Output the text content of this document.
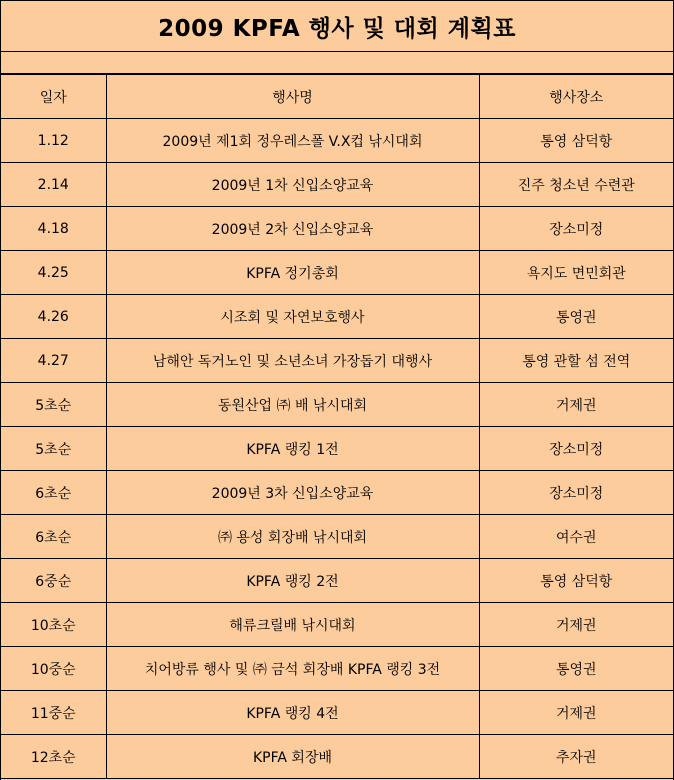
2009 KPFA 행사 및 대회 계획표
일자	행사명	행사장소
1.12	2009년 제1회 정우레스폴 V.X컵 낚시대회	통영 삼덕항
2.14	2009년 1차 신입소양교육	진주 청소년 수련관
4.18	2009년 2차 신입소양교육	장소미정
4.25	KPFA 정기총회	욕지도 면민회관
4.26	시조회 및 자연보호행사	통영권
4.27	남해안 독거노인 및 소년소녀 가장돕기 대행사	통영 관할 섬 전역
5초순	동원산업 ㈜ 배 낚시대회	거제권
5초순	KPFA 랭킹 1전	장소미정
6초순	2009년 3차 신입소양교육	장소미정
6초순	㈜ 용성 회장배 낚시대회	여수권
6중순	KPFA 랭킹 2전	통영 삼덕항
10초순	해류크릴배 낚시대회	거제권
10중순	치어방류 행사 및 ㈜ 금석 회장배 KPFA 랭킹 3전	통영권
11중순	KPFA 랭킹 4전	거제권
12초순	KPFA 회장배	추자권
